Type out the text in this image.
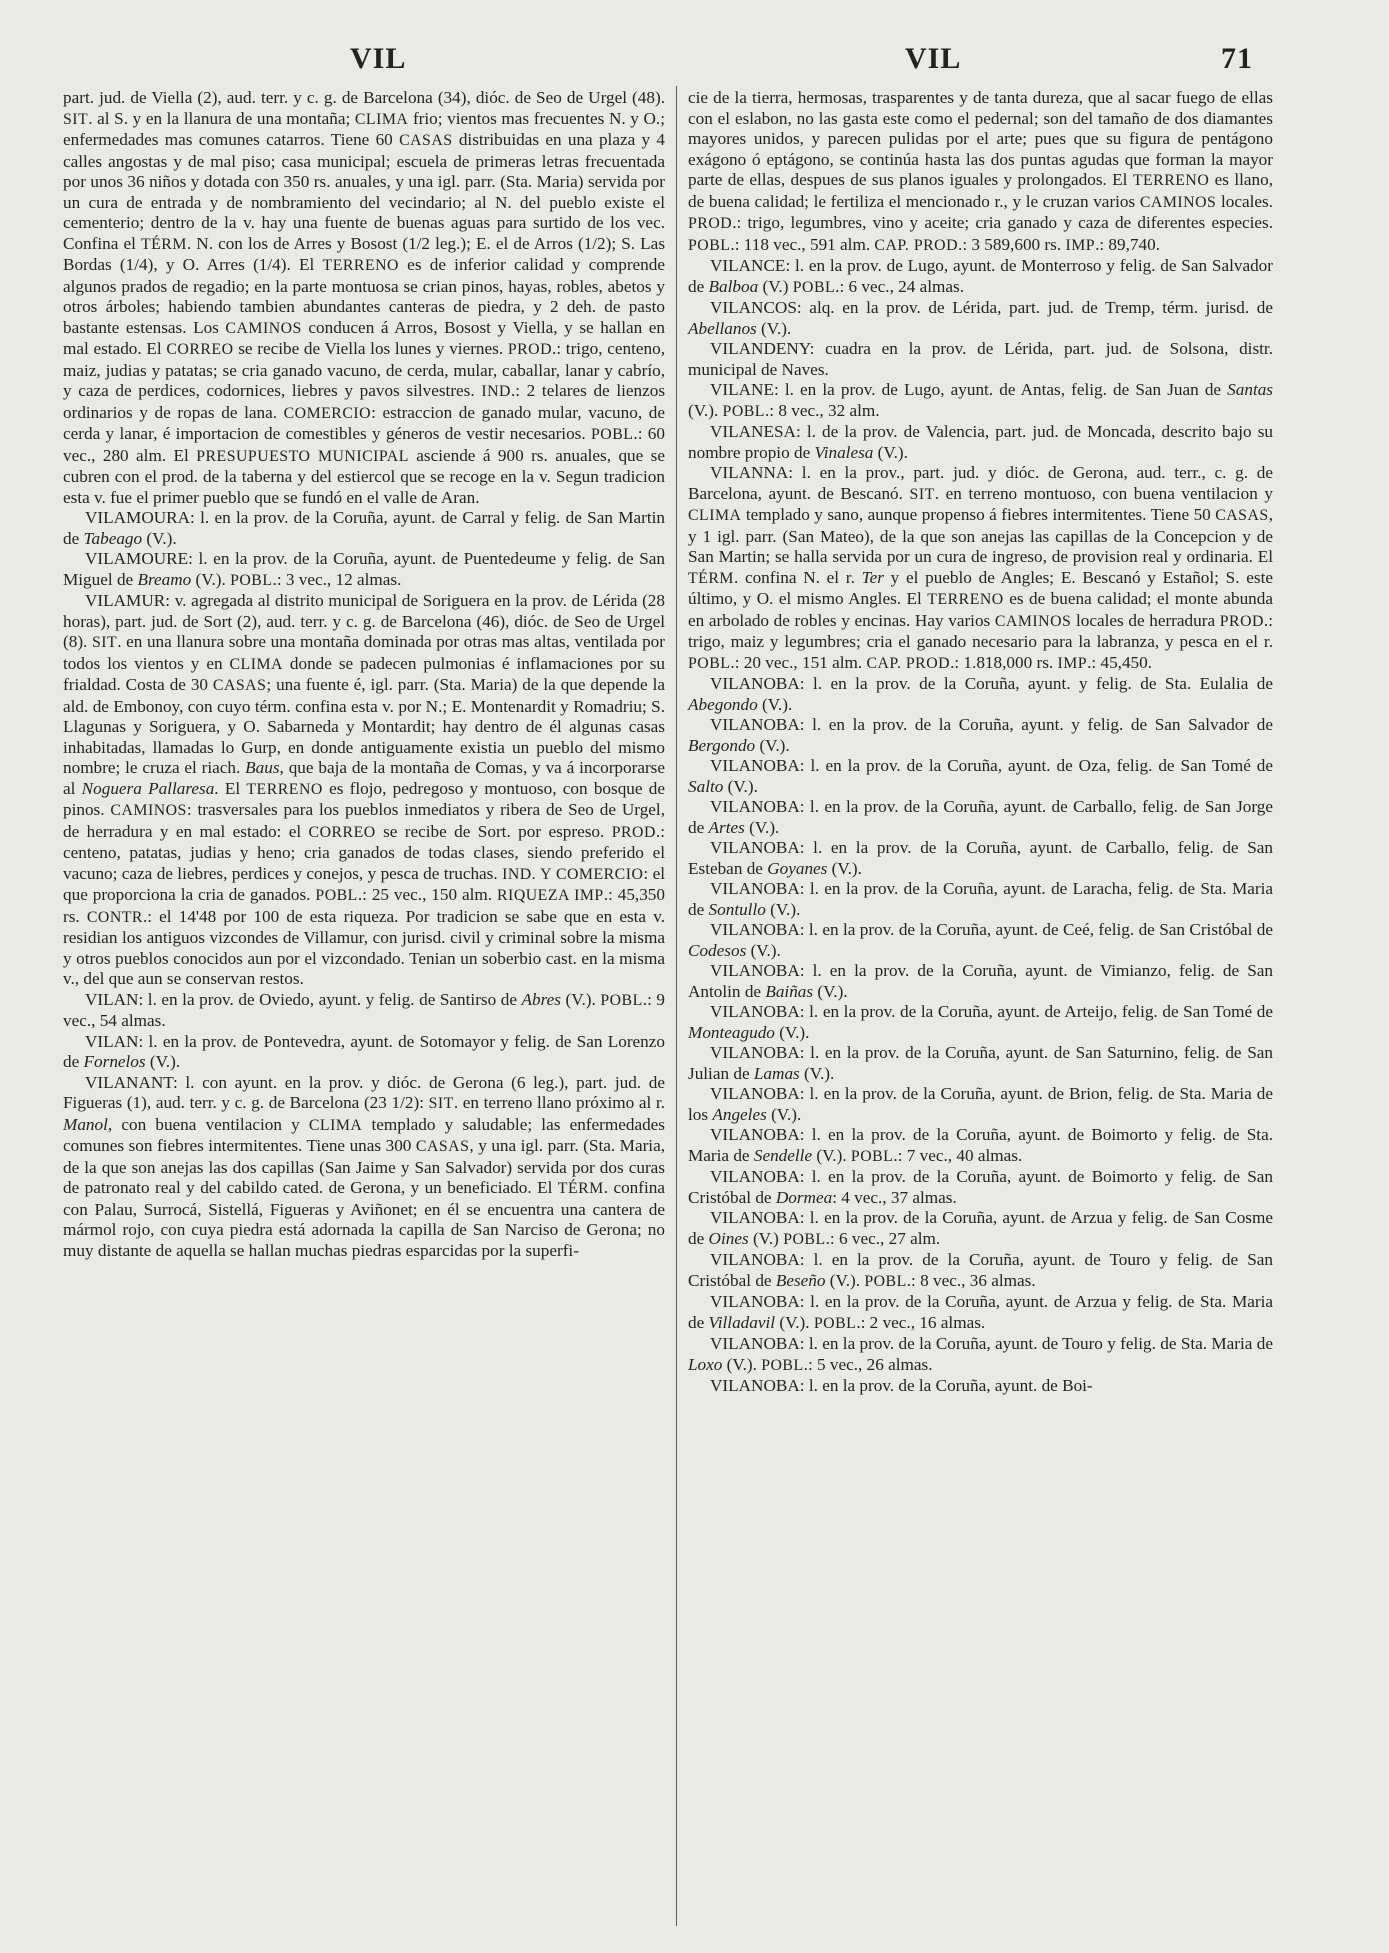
VIL	VIL	71

part. jud. de Viella (2), aud. terr. y c. g. de Barcelona (34), dióc. de Seo de Urgel (48). SIT. al S. y en la llanura de una montaña; CLIMA frio; vientos mas frecuentes N. y O.; enfermedades mas comunes catarros. Tiene 60 CASAS distribuidas en una plaza y 4 calles angostas y de mal piso; casa municipal; escuela de primeras letras frecuentada por unos 36 niños y dotada con 350 rs. anuales, y una igl. parr. (Sta. Maria) servida por un cura de entrada y de nombramiento del vecindario; al N. del pueblo existe el cementerio; dentro de la v. hay una fuente de buenas aguas para surtido de los vec. Confina el TÉRM. N. con los de Arres y Bosost (1/2 leg.); E. el de Arros (1/2); S. Las Bordas (1/4), y O. Arres (1/4). El TERRENO es de inferior calidad y comprende algunos prados de regadio; en la parte montuosa se crian pinos, hayas, robles, abetos y otros árboles; habiendo tambien abundantes canteras de piedra, y 2 deh. de pasto bastante estensas. Los CAMINOS conducen á Arros, Bosost y Viella, y se hallan en mal estado. El CORREO se recibe de Viella los lunes y viernes. PROD.: trigo, centeno, maiz, judias y patatas; se cria ganado vacuno, de cerda, mular, caballar, lanar y cabrío, y caza de perdices, codornices, liebres y pavos silvestres. IND.: 2 telares de lienzos ordinarios y de ropas de lana. COMERCIO: estraccion de ganado mular, vacuno, de cerda y lanar, é importacion de comestibles y géneros de vestir necesarios. POBL.: 60 vec., 280 alm. El PRESUPUESTO MUNICIPAL asciende á 900 rs. anuales, que se cubren con el prod. de la taberna y del estiercol que se recoge en la v. Segun tradicion esta v. fue el primer pueblo que se fundó en el valle de Aran.

VILAMOURA: l. en la prov. de la Coruña, ayunt. de Carral y felig. de San Martin de Tabeago (V.).

VILAMOURE: l. en la prov. de la Coruña, ayunt. de Puentedeume y felig. de San Miguel de Breamo (V.). POBL.: 3 vec., 12 almas.

VILAMUR: v. agregada al distrito municipal de Soriguera en la prov. de Lérida (28 horas), part. jud. de Sort (2), aud. terr. y c. g. de Barcelona (46), dióc. de Seo de Urgel (8). SIT. en una llanura sobre una montaña dominada por otras mas altas, ventilada por todos los vientos y en CLIMA donde se padecen pulmonias é inflamaciones por su frialdad. Costa de 30 CASAS; una fuente é, igl. parr. (Sta. Maria) de la que depende la ald. de Embonoy, con cuyo térm. confina esta v. por N.; E. Montenardit y Romadriu; S. Llagunas y Soriguera, y O. Sabarneda y Montardit; hay dentro de él algunas casas inhabitadas, llamadas lo Gurp, en donde antiguamente existia un pueblo del mismo nombre; le cruza el riach. Baus, que baja de la montaña de Comas, y va á incorporarse al Noguera Pallaresa. El TERRENO es flojo, pedregoso y montuoso, con bosque de pinos. CAMINOS: trasversales para los pueblos inmediatos y ribera de Seo de Urgel, de herradura y en mal estado: el CORREO se recibe de Sort. por espreso. PROD.: centeno, patatas, judias y heno; cria ganados de todas clases, siendo preferido el vacuno; caza de liebres, perdices y conejos, y pesca de truchas. IND. Y COMERCIO: el que proporciona la cria de ganados. POBL.: 25 vec., 150 alm. RIQUEZA IMP.: 45,350 rs. CONTR.: el 14'48 por 100 de esta riqueza. Por tradicion se sabe que en esta v. residian los antiguos vizcondes de Villamur, con jurisd. civil y criminal sobre la misma y otros pueblos conocidos aun por el vizcondado. Tenian un soberbio cast. en la misma v., del que aun se conservan restos.

VILAN: l. en la prov. de Oviedo, ayunt. y felig. de Santirso de Abres (V.). POBL.: 9 vec., 54 almas.

VILAN: l. en la prov. de Pontevedra, ayunt. de Sotomayor y felig. de San Lorenzo de Fornelos (V.).

VILANANT: l. con ayunt. en la prov. y dióc. de Gerona (6 leg.), part. jud. de Figueras (1), aud. terr. y c. g. de Barcelona (23 1/2): SIT. en terreno llano próximo al r. Manol, con buena ventilacion y CLIMA templado y saludable; las enfermedades comunes son fiebres intermitentes. Tiene unas 300 CASAS, y una igl. parr. (Sta. Maria, de la que son anejas las dos capillas (San Jaime y San Salvador) servida por dos curas de patronato real y del cabildo cated. de Gerona, y un beneficiado. El TÉRM. confina con Palau, Surrocá, Sistellá, Figueras y Aviñonet; en él se encuentra una cantera de mármol rojo, con cuya piedra está adornada la capilla de San Narciso de Gerona; no muy distante de aquella se hallan muchas piedras esparcidas por la superfi-

cie de la tierra, hermosas, trasparentes y de tanta dureza, que al sacar fuego de ellas con el eslabon, no las gasta este como el pedernal; son del tamaño de dos diamantes mayores unidos, y parecen pulidas por el arte; pues que su figura de pentágono exágono ó eptágono, se continúa hasta las dos puntas agudas que forman la mayor parte de ellas, despues de sus planos iguales y prolongados. El TERRENO es llano, de buena calidad; le fertiliza el mencionado r., y le cruzan varios CAMINOS locales. PROD.: trigo, legumbres, vino y aceite; cria ganado y caza de diferentes especies. POBL.: 118 vec., 591 alm. CAP. PROD.: 3 589,600 rs. IMP.: 89,740.

VILANCE: l. en la prov. de Lugo, ayunt. de Monterroso y felig. de San Salvador de Balboa (V.) POBL.: 6 vec., 24 almas.

VILANCOS: alq. en la prov. de Lérida, part. jud. de Tremp, térm. jurisd. de Abellanos (V.).

VILANDENY: cuadra en la prov. de Lérida, part. jud. de Solsona, distr. municipal de Naves.

VILANE: l. en la prov. de Lugo, ayunt. de Antas, felig. de San Juan de Santas (V.). POBL.: 8 vec., 32 alm.

VILANESA: l. de la prov. de Valencia, part. jud. de Moncada, descrito bajo su nombre propio de Vinalesa (V.).

VILANNA: l. en la prov., part. jud. y dióc. de Gerona, aud. terr., c. g. de Barcelona, ayunt. de Bescanó. SIT. en terreno montuoso, con buena ventilacion y CLIMA templado y sano, aunque propenso á fiebres intermitentes. Tiene 50 CASAS, y 1 igl. parr. (San Mateo), de la que son anejas las capillas de la Concepcion y de San Martin; se halla servida por un cura de ingreso, de provision real y ordinaria. El TÉRM. confina N. el r. Ter y el pueblo de Angles; E. Bescanó y Estañol; S. este último, y O. el mismo Angles. El TERRENO es de buena calidad; el monte abunda en arbolado de robles y encinas. Hay varios CAMINOS locales de herradura PROD.: trigo, maiz y legumbres; cria el ganado necesario para la labranza, y pesca en el r. POBL.: 20 vec., 151 alm. CAP. PROD.: 1.818,000 rs. IMP.: 45,450.

VILANOBA: l. en la prov. de la Coruña, ayunt. y felig. de Sta. Eulalia de Abegondo (V.).

VILANOBA: l. en la prov. de la Coruña, ayunt. y felig. de San Salvador de Bergondo (V.).

VILANOBA: l. en la prov. de la Coruña, ayunt. de Oza, felig. de San Tomé de Salto (V.).

VILANOBA: l. en la prov. de la Coruña, ayunt. de Carballo, felig. de San Jorge de Artes (V.).

VILANOBA: l. en la prov. de la Coruña, ayunt. de Carballo, felig. de San Esteban de Goyanes (V.).

VILANOBA: l. en la prov. de la Coruña, ayunt. de Laracha, felig. de Sta. Maria de Sontullo (V.).

VILANOBA: l. en la prov. de la Coruña, ayunt. de Ceé, felig. de San Cristóbal de Codesos (V.).

VILANOBA: l. en la prov. de la Coruña, ayunt. de Vimianzo, felig. de San Antolin de Baiñas (V.).

VILANOBA: l. en la prov. de la Coruña, ayunt. de Arteijo, felig. de San Tomé de Monteagudo (V.).

VILANOBA: l. en la prov. de la Coruña, ayunt. de San Saturnino, felig. de San Julian de Lamas (V.).

VILANOBA: l. en la prov. de la Coruña, ayunt. de Brion, felig. de Sta. Maria de los Angeles (V.).

VILANOBA: l. en la prov. de la Coruña, ayunt. de Boimorto y felig. de Sta. Maria de Sendelle (V.). POBL.: 7 vec., 40 almas.

VILANOBA: l. en la prov. de la Coruña, ayunt. de Boimorto y felig. de San Cristóbal de Dormea: 4 vec., 37 almas.

VILANOBA: l. en la prov. de la Coruña, ayunt. de Arzua y felig. de San Cosme de Oines (V.) POBL.: 6 vec., 27 alm.

VILANOBA: l. en la prov. de la Coruña, ayunt. de Touro y felig. de San Cristóbal de Beseño (V.). POBL.: 8 vec., 36 almas.

VILANOBA: l. en la prov. de la Coruña, ayunt. de Arzua y felig. de Sta. Maria de Villadavil (V.). POBL.: 2 vec., 16 almas.

VILANOBA: l. en la prov. de la Coruña, ayunt. de Touro y felig. de Sta. Maria de Loxo (V.). POBL.: 5 vec., 26 almas.

VILANOBA: l. en la prov. de la Coruña, ayunt. de Boi-
